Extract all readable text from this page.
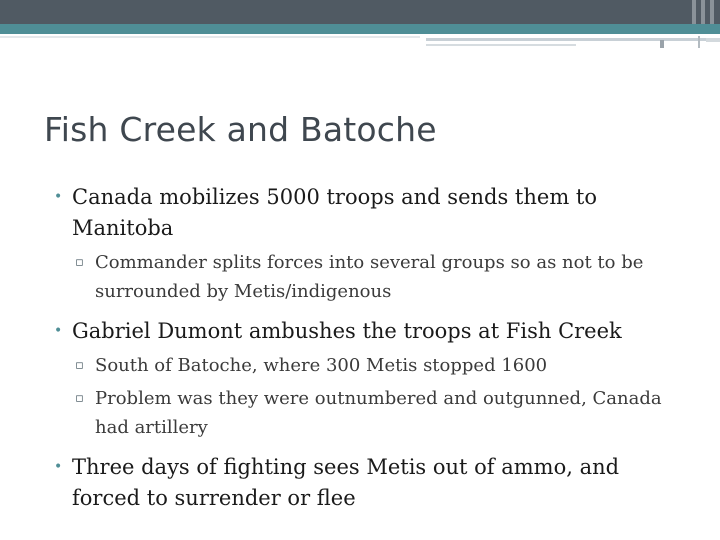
Fish Creek and Batoche
• Canada mobilizes 5000 troops and sends them to Manitoba
▫ Commander splits forces into several groups so as not to be surrounded by Metis/indigenous
• Gabriel Dumont ambushes the troops at Fish Creek
▫ South of Batoche, where 300 Metis stopped 1600
▫ Problem was they were outnumbered and outgunned, Canada had artillery
• Three days of fighting sees Metis out of ammo, and forced to surrender or flee
